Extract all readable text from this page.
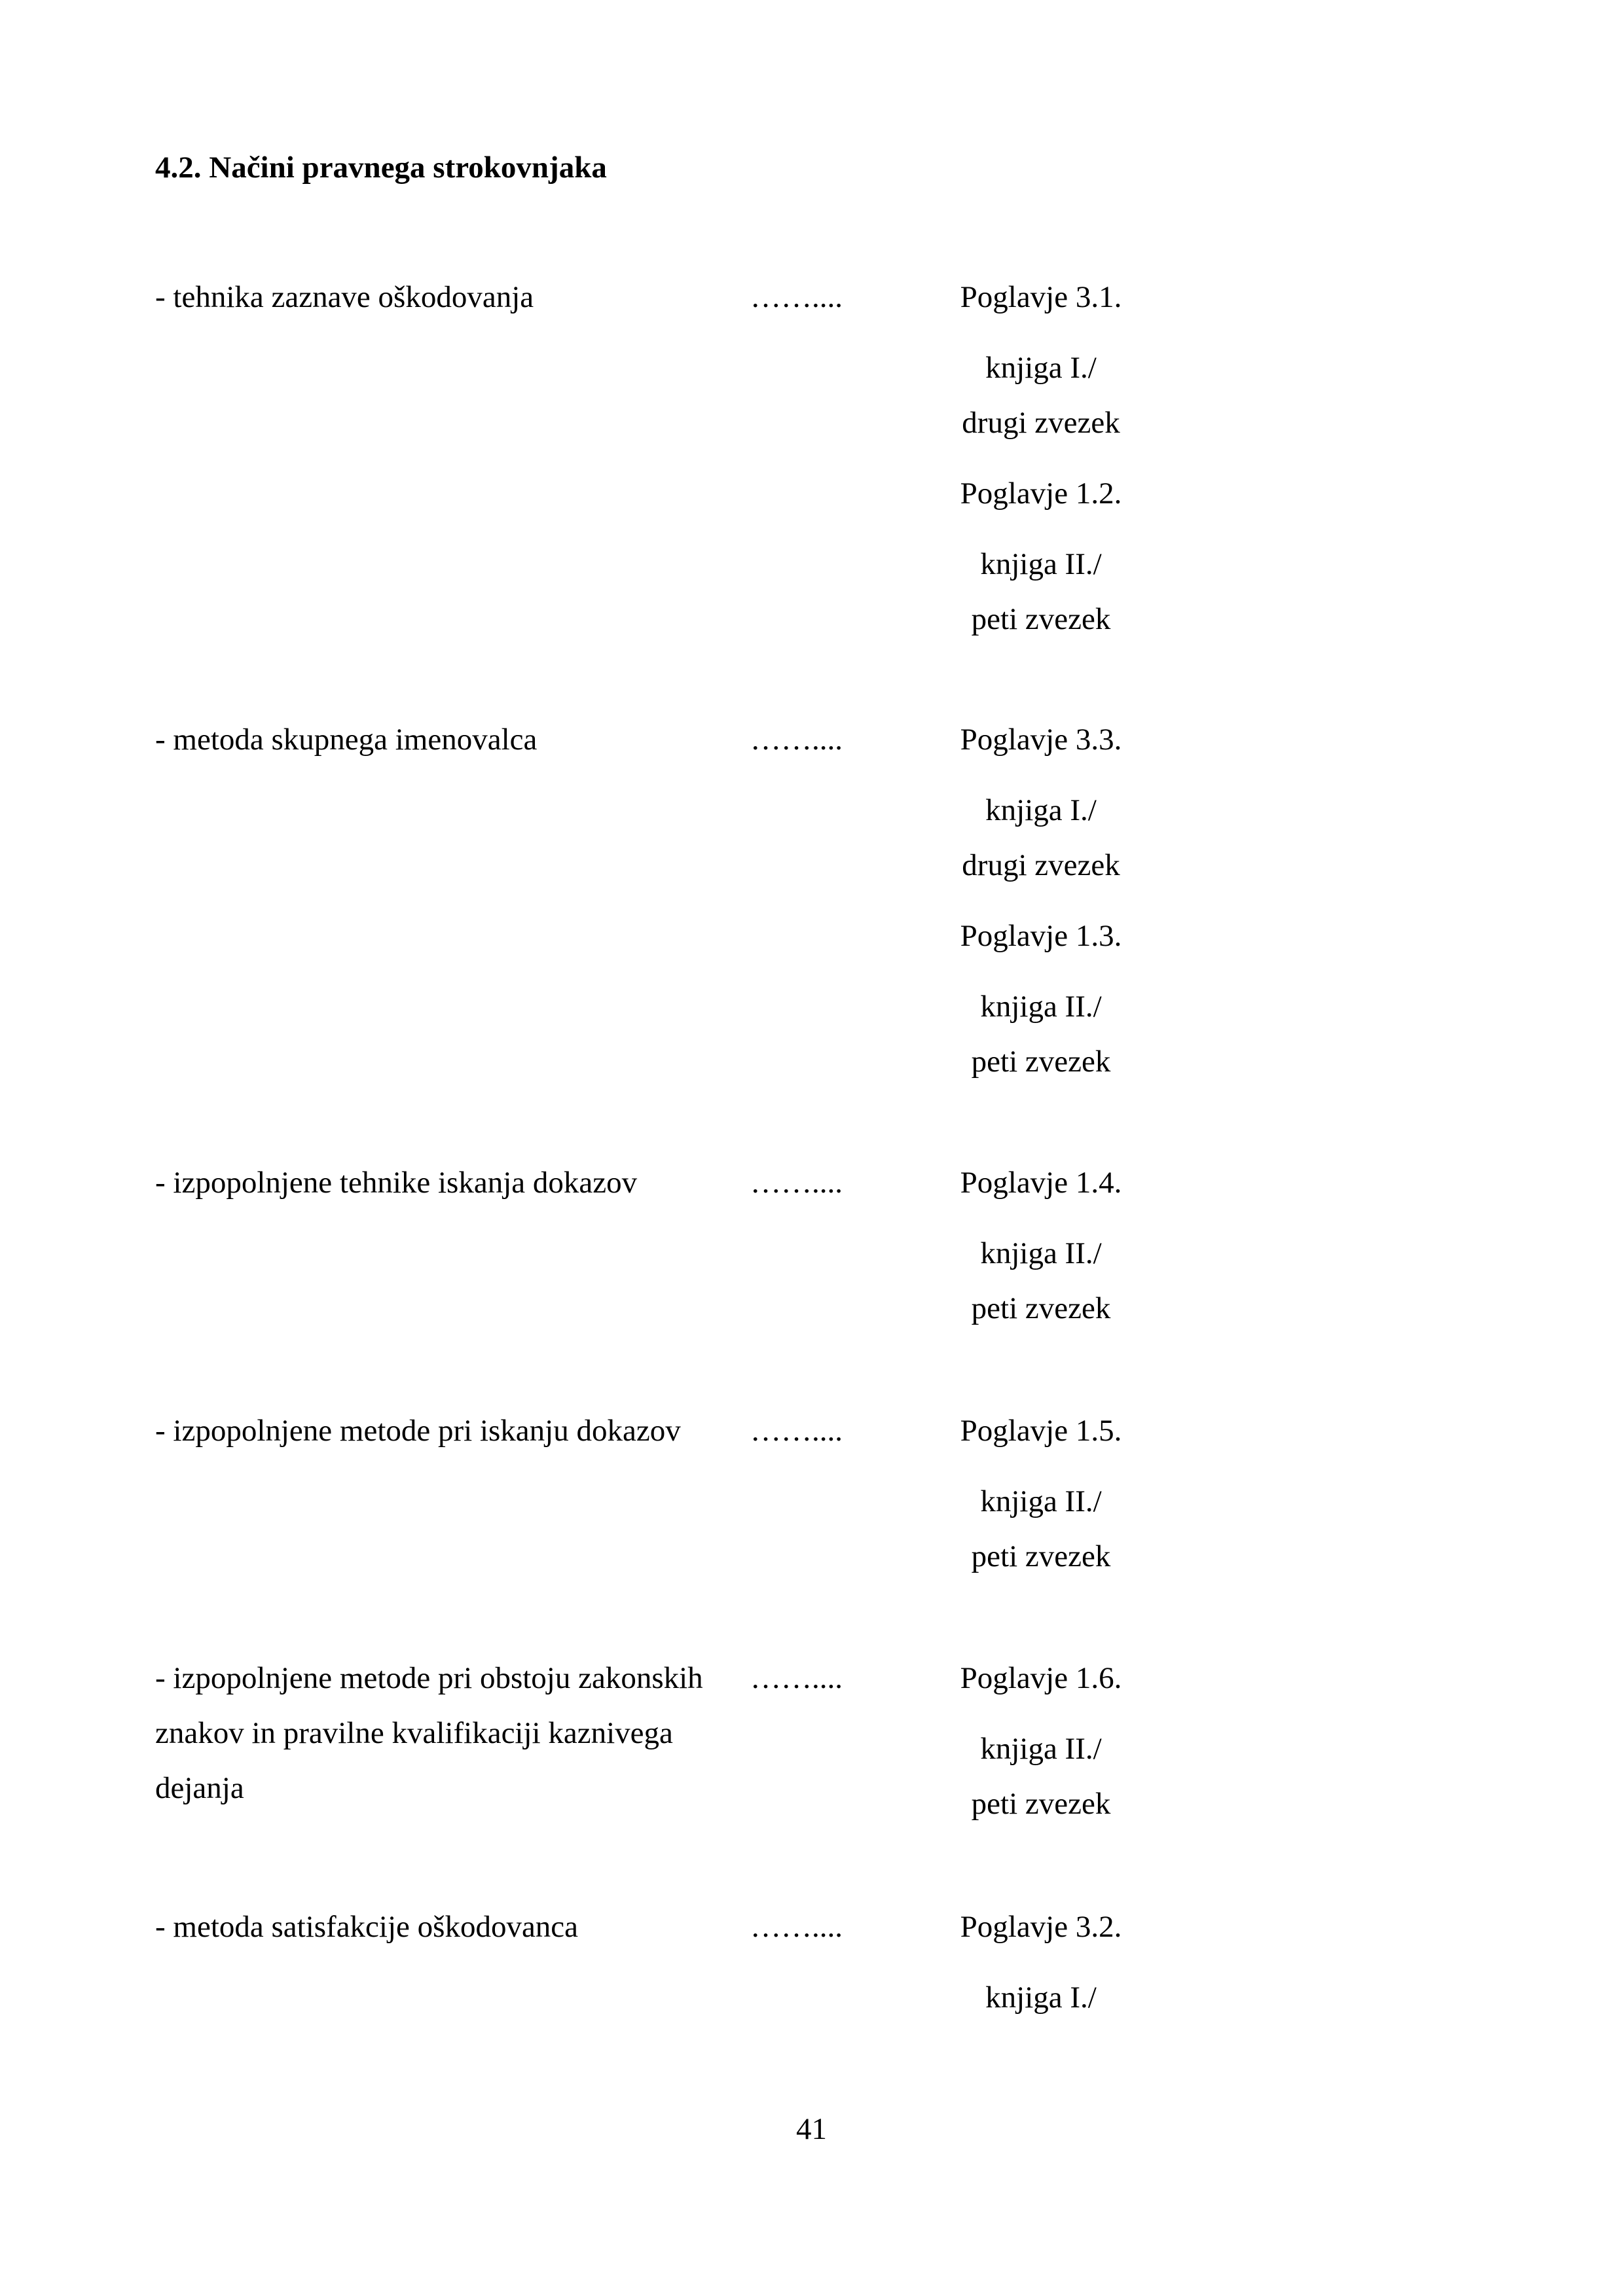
4.2. Načini pravnega strokovnjaka
- tehnika zaznave oškodovanja	……....	Poglavje 3.1.
knjiga I./
drugi zvezek
Poglavje 1.2.
knjiga II./
peti zvezek
- metoda skupnega imenovalca	……....	Poglavje 3.3.
knjiga I./
drugi zvezek
Poglavje 1.3.
knjiga II./
peti zvezek
- izpopolnjene tehnike iskanja dokazov	……....	Poglavje 1.4.
knjiga II./
peti zvezek
- izpopolnjene metode pri iskanju dokazov	……....	Poglavje 1.5.
knjiga II./
peti zvezek
- izpopolnjene metode pri obstoju zakonskih znakov in pravilne kvalifikaciji kaznivega dejanja
……....	Poglavje 1.6.
knjiga II./
peti zvezek
- metoda satisfakcije oškodovanca	……....	Poglavje 3.2.
knjiga I./
41
